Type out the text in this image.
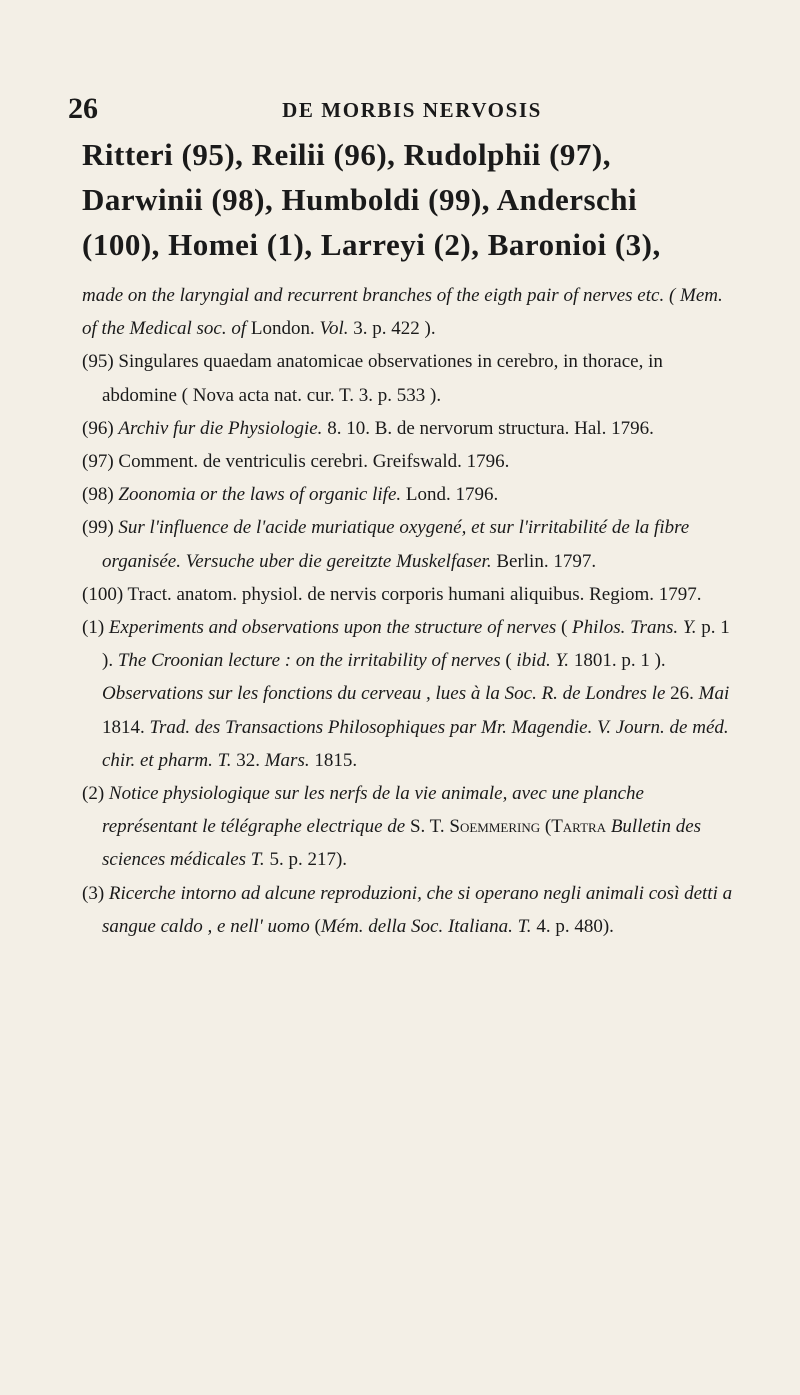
26	DE MORBIS NERVOSIS
Ritteri (95), Reilii (96), Rudolphii (97),
Darwinii (98), Humboldi (99), Anderschi
(100), Homei (1), Larreyi (2), Baronioi (3),

made on the laryngial and recurrent branches of the eigth pair of nerves etc. ( Mem. of the Medical soc. of London. Vol. 3. p. 422 ).

(95) Singulares quaedam anatomicae observationes in cerebro, in thorace, in abdomine ( Nova acta nat. cur. T. 3. p. 533 ).

(96) Archiv fur die Physiologie. 8. 10. B. de nervorum structura. Hal. 1796.

(97) Comment. de ventriculis cerebri. Greifswald. 1796.

(98) Zoonomia or the laws of organic life. Lond. 1796.

(99) Sur l'influence de l'acide muriatique oxygené, et sur l'irritabilité de la fibre organisée. Versuche uber die gereitzte Muskelfaser. Berlin. 1797.

(100) Tract. anatom. physiol. de nervis corporis humani aliquibus. Regiom. 1797.

(1) Experiments and observations upon the structure of nerves ( Philos. Trans. Y. p. 1 ). The Croonian lecture : on the irritability of nerves ( ibid. Y. 1801. p. 1 ). Observations sur les fonctions du cerveau , lues à la Soc. R. de Londres le 26. Mai 1814. Trad. des Transactions Philosophiques par Mr. Magendie. V. Journ. de méd. chir. et pharm. T. 32. Mars. 1815.

(2) Notice physiologique sur les nerfs de la vie animale, avec une planche représentant le télégraphe electrique de S. T. Soemmering (Tartra Bulletin des sciences médicales T. 5. p. 217).

(3) Ricerche intorno ad alcune reproduzioni, che si operano negli animali così detti a sangue caldo , e nell' uomo (Mém. della Soc. Italiana. T. 4. p. 480).
